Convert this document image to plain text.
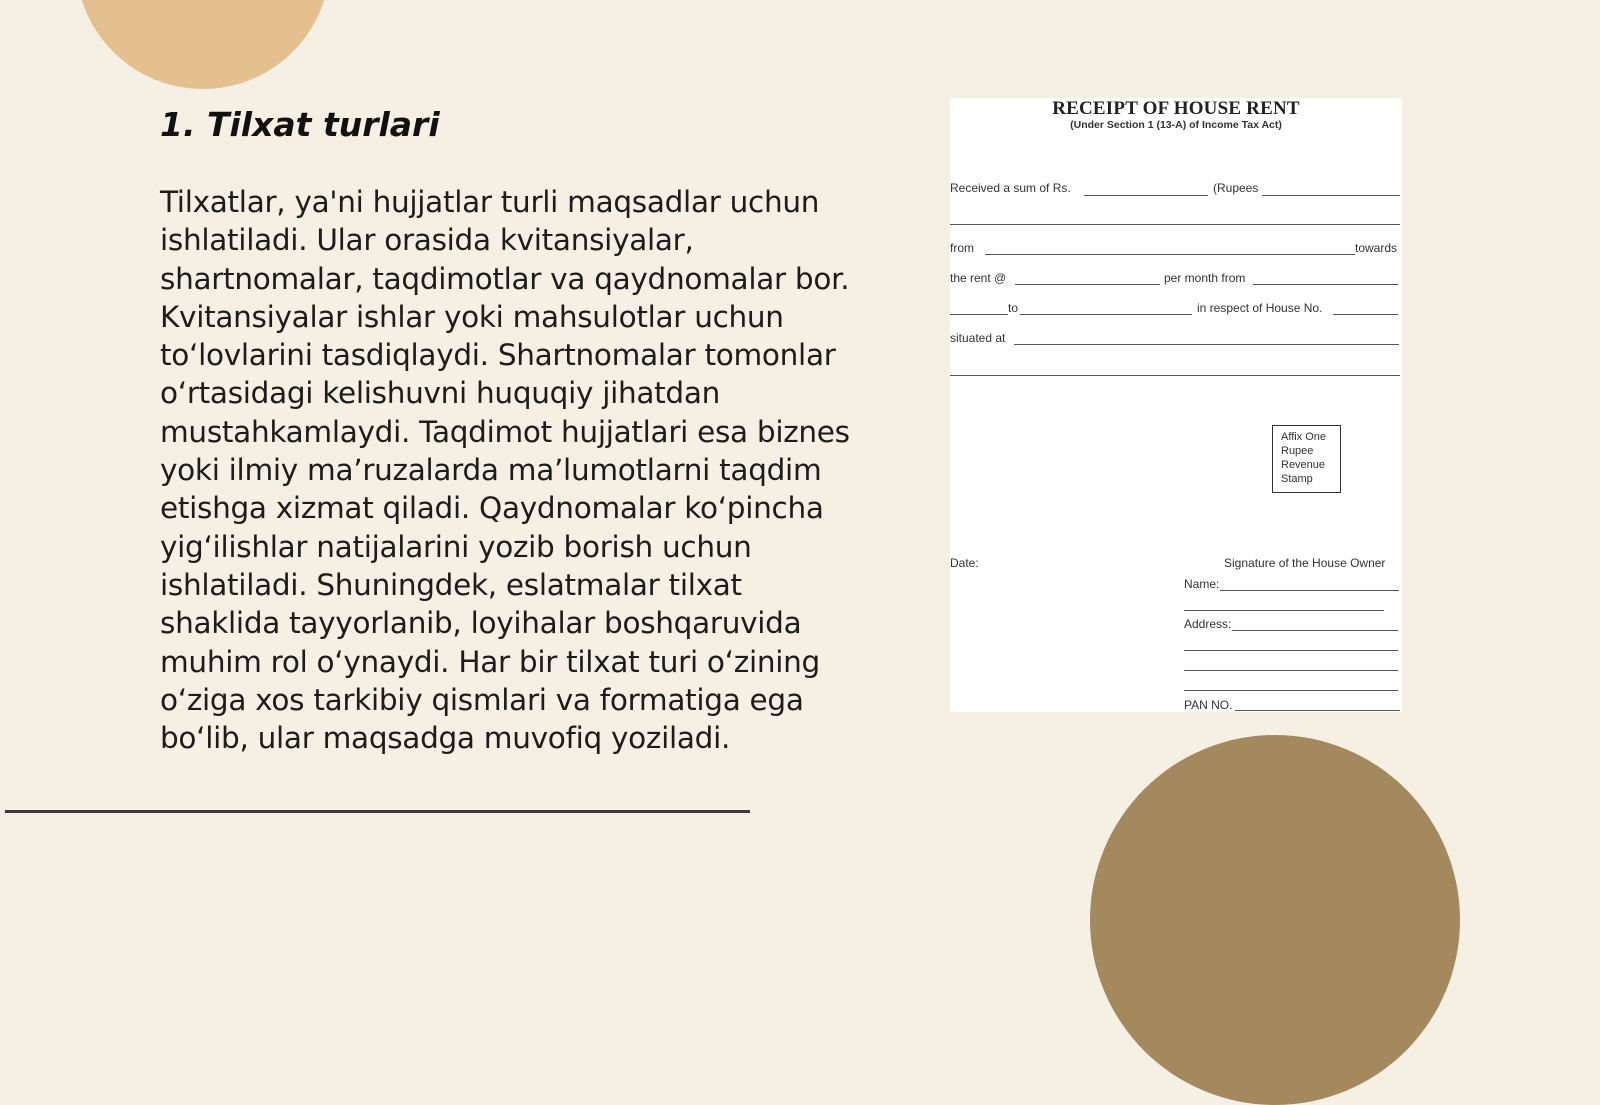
1. Tilxat turlari

Tilxatlar, ya'ni hujjatlar turli maqsadlar uchun ishlatiladi. Ular orasida kvitansiyalar, shartnomalar, taqdimotlar va qaydnomalar bor. Kvitansiyalar ishlar yoki mahsulotlar uchun to‘lovlarini tasdiqlaydi. Shartnomalar tomonlar o‘rtasidagi kelishuvni huquqiy jihatdan mustahkamlaydi. Taqdimot hujjatlari esa biznes yoki ilmiy ma’ruzalarda ma’lumotlarni taqdim etishga xizmat qiladi. Qaydnomalar ko‘pincha yig‘ilishlar natijalarini yozib borish uchun ishlatiladi. Shuningdek, eslatmalar tilxat shaklida tayyorlanib, loyihalar boshqaruvida muhim rol o‘ynaydi. Har bir tilxat turi o‘zining o‘ziga xos tarkibiy qismlari va formatiga ega bo‘lib, ular maqsadga muvofiq yoziladi.

RECEIPT OF HOUSE RENT
(Under Section 1 (13-A) of Income Tax Act)
Received a sum of Rs.	(Rupees
from	towards
the rent @	per month from
to	in respect of House No.
situated at
Affix One
Rupee
Revenue
Stamp
Date:	Signature of the House Owner
Name:
Address:
PAN NO.
